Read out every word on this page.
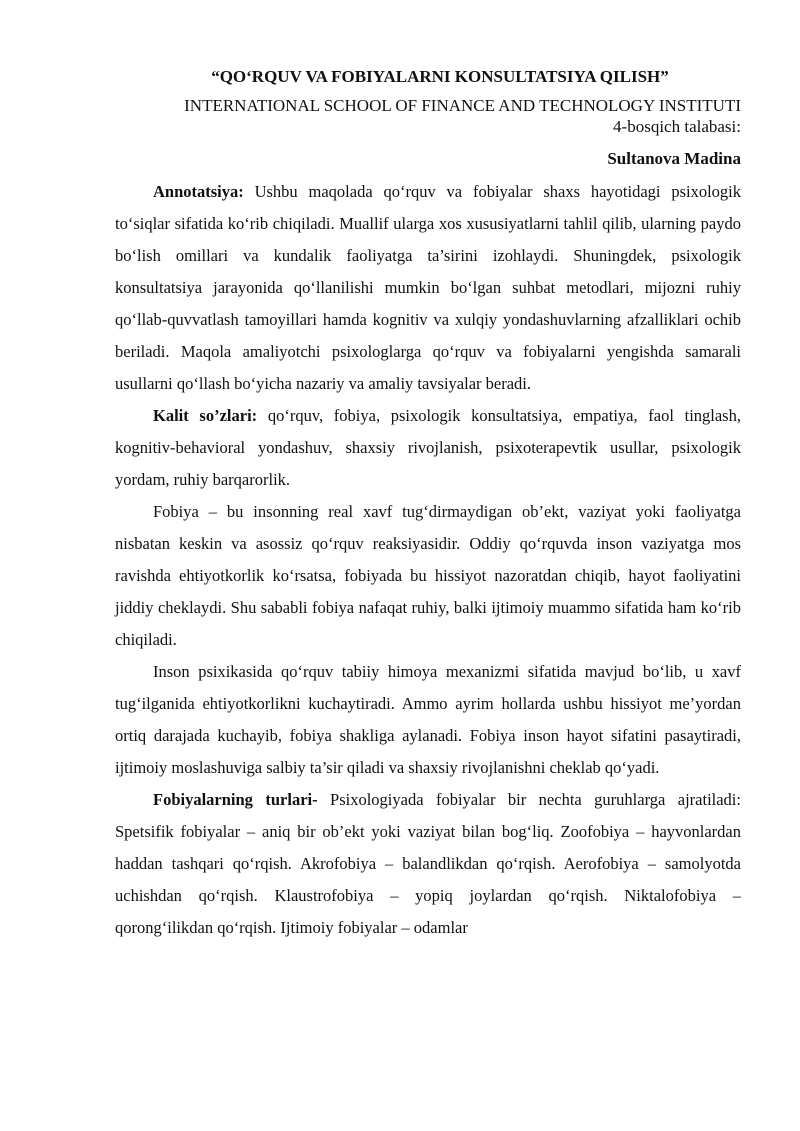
“QO‘RQUV VA FOBIYALARNI KONSULTATSIYA QILISH”

INTERNATIONAL SCHOOL OF FINANCE AND TECHNOLOGY INSTITUTI

4-bosqich talabasi:

Sultanova Madina

Annotatsiya: Ushbu maqolada qo‘rquv va fobiyalar shaxs hayotidagi psixologik to‘siqlar sifatida ko‘rib chiqiladi. Muallif ularga xos xususiyatlarni tahlil qilib, ularning paydo bo‘lish omillari va kundalik faoliyatga ta’sirini izohlaydi. Shuningdek, psixologik konsultatsiya jarayonida qo‘llanilishi mumkin bo‘lgan suhbat metodlari, mijozni ruhiy qo‘llab-quvvatlash tamoyillari hamda kognitiv va xulqiy yondashuvlarning afzalliklari ochib beriladi. Maqola amaliyotchi psixologlarga qo‘rquv va fobiyalarni yengishda samarali usullarni qo‘llash bo‘yicha nazariy va amaliy tavsiyalar beradi.

Kalit so’zlari: qo‘rquv, fobiya, psixologik konsultatsiya, empatiya, faol tinglash, kognitiv-behavioral yondashuv, shaxsiy rivojlanish, psixoterapevtik usullar, psixologik yordam, ruhiy barqarorlik.

Fobiya – bu insonning real xavf tug‘dirmaydigan ob’ekt, vaziyat yoki faoliyatga nisbatan keskin va asossiz qo‘rquv reaksiyasidir. Oddiy qo‘rquvda inson vaziyatga mos ravishda ehtiyotkorlik ko‘rsatsa, fobiyada bu hissiyot nazoratdan chiqib, hayot faoliyatini jiddiy cheklaydi. Shu sababli fobiya nafaqat ruhiy, balki ijtimoiy muammo sifatida ham ko‘rib chiqiladi.

Inson psixikasida qo‘rquv tabiiy himoya mexanizmi sifatida mavjud bo‘lib, u xavf tug‘ilganida ehtiyotkorlikni kuchaytiradi. Ammo ayrim hollarda ushbu hissiyot me’yordan ortiq darajada kuchayib, fobiya shakliga aylanadi. Fobiya inson hayot sifatini pasaytiradi, ijtimoiy moslashuviga salbiy ta’sir qiladi va shaxsiy rivojlanishni cheklab qo‘yadi.

Fobiyalarning turlari- Psixologiyada fobiyalar bir nechta guruhlarga ajratiladi: Spetsifik fobiyalar – aniq bir ob’ekt yoki vaziyat bilan bog‘liq. Zoofobiya – hayvonlardan haddan tashqari qo‘rqish. Akrofobiya – balandlikdan qo‘rqish. Aerofobiya – samolyotda uchishdan qo‘rqish. Klaustrofobiya – yopiq joylardan qo‘rqish. Niktalofobiya – qorong‘ilikdan qo‘rqish. Ijtimoiy fobiyalar – odamlar
